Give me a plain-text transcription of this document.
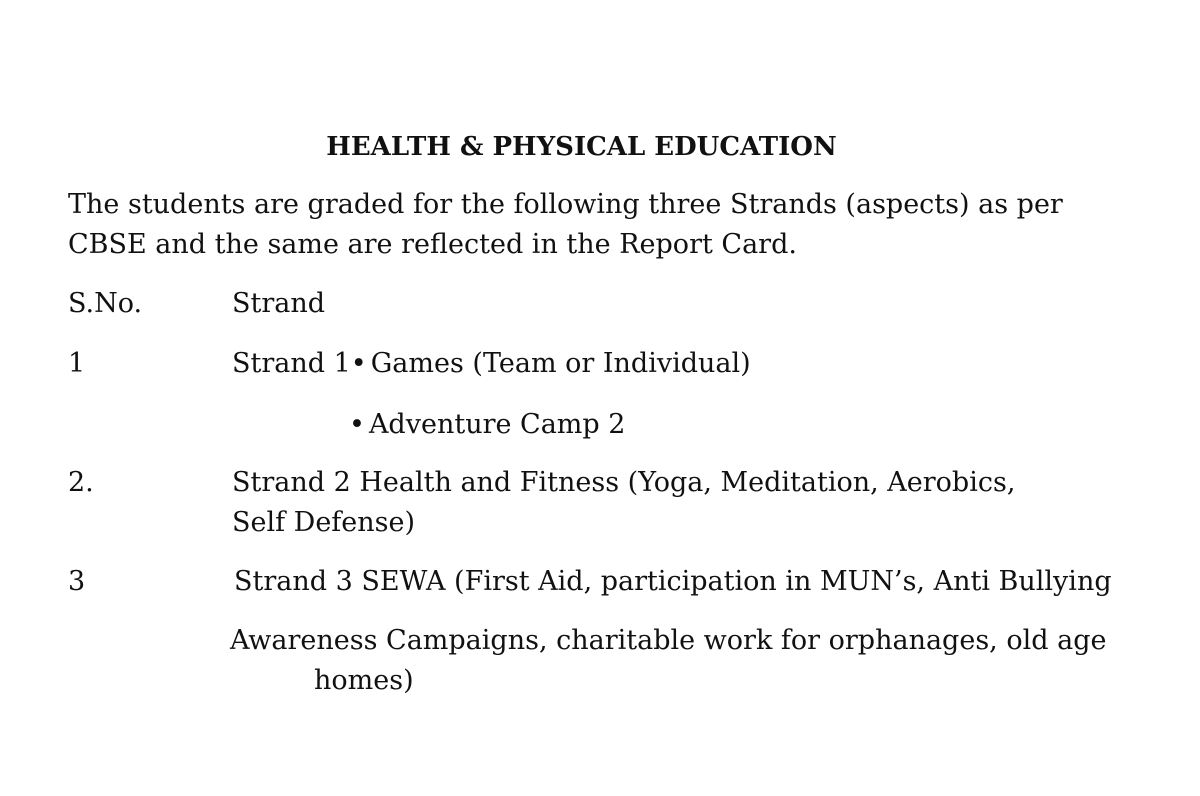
HEALTH & PHYSICAL EDUCATION
The students are graded for the following three Strands (aspects) as per
CBSE and the same are reflected in the Report Card.
S.No.	Strand
1	Strand 1• Games (Team or Individual)
• Adventure Camp 2
2.	Strand 2 Health and Fitness (Yoga, Meditation, Aerobics,
Self Defense)
3	Strand 3 SEWA (First Aid, participation in MUN’s, Anti Bullying
Awareness Campaigns, charitable work for orphanages, old age
homes)
